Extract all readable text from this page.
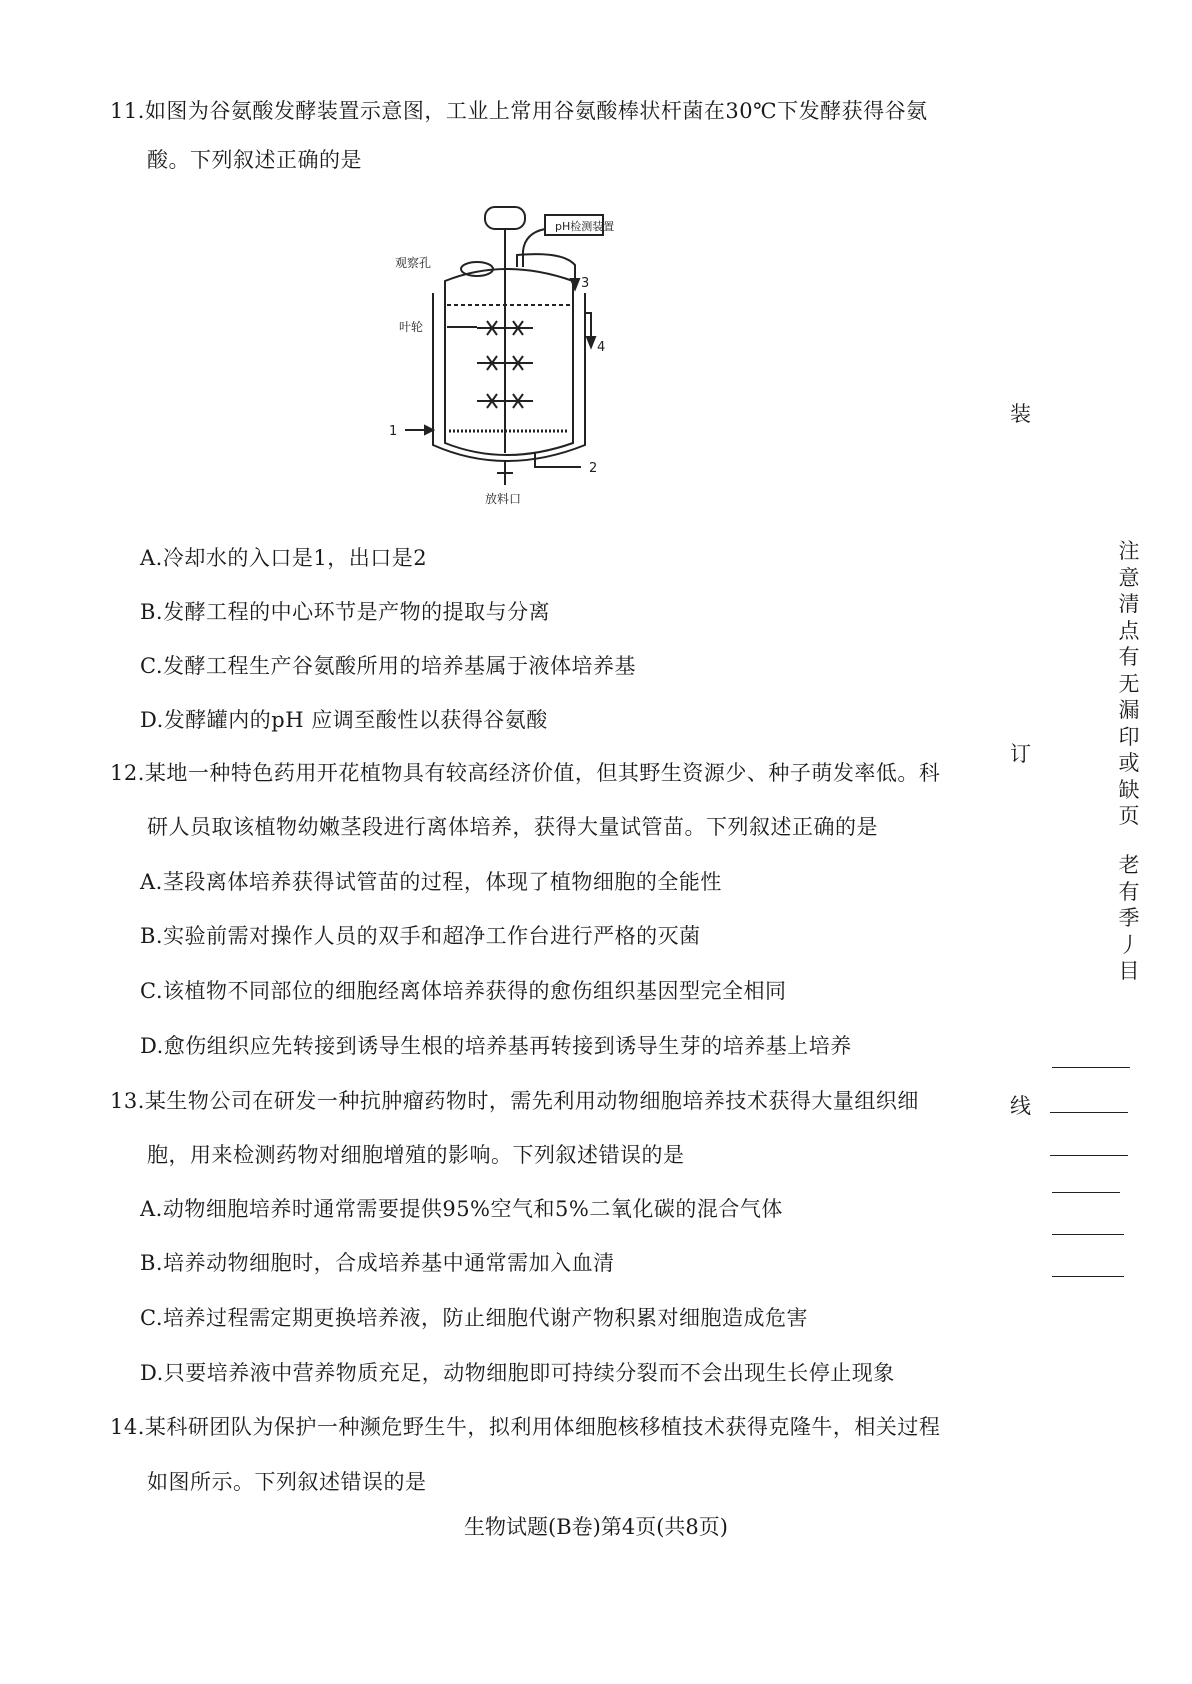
11.如图为谷氨酸发酵装置示意图，工业上常用谷氨酸棒状杆菌在30℃下发酵获得谷氨
酸。下列叙述正确的是
pH检测装置
观察孔
叶轮
放料口
1
2
3
4
A.冷却水的入口是1，出口是2
B.发酵工程的中心环节是产物的提取与分离
C.发酵工程生产谷氨酸所用的培养基属于液体培养基
D.发酵罐内的pH 应调至酸性以获得谷氨酸
12.某地一种特色药用开花植物具有较高经济价值，但其野生资源少、种子萌发率低。科
研人员取该植物幼嫩茎段进行离体培养，获得大量试管苗。下列叙述正确的是
A.茎段离体培养获得试管苗的过程，体现了植物细胞的全能性
B.实验前需对操作人员的双手和超净工作台进行严格的灭菌
C.该植物不同部位的细胞经离体培养获得的愈伤组织基因型完全相同
D.愈伤组织应先转接到诱导生根的培养基再转接到诱导生芽的培养基上培养
13.某生物公司在研发一种抗肿瘤药物时，需先利用动物细胞培养技术获得大量组织细
胞，用来检测药物对细胞增殖的影响。下列叙述错误的是
A.动物细胞培养时通常需要提供95%空气和5%二氧化碳的混合气体
B.培养动物细胞时，合成培养基中通常需加入血清
C.培养过程需定期更换培养液，防止细胞代谢产物积累对细胞造成危害
D.只要培养液中营养物质充足，动物细胞即可持续分裂而不会出现生长停止现象
14.某科研团队为保护一种濒危野生牛，拟利用体细胞核移植技术获得克隆牛，相关过程
如图所示。下列叙述错误的是
装
订
线
注意清点有无漏印或缺页
老有季丿目
生物试题(B卷)第4页(共8页)
